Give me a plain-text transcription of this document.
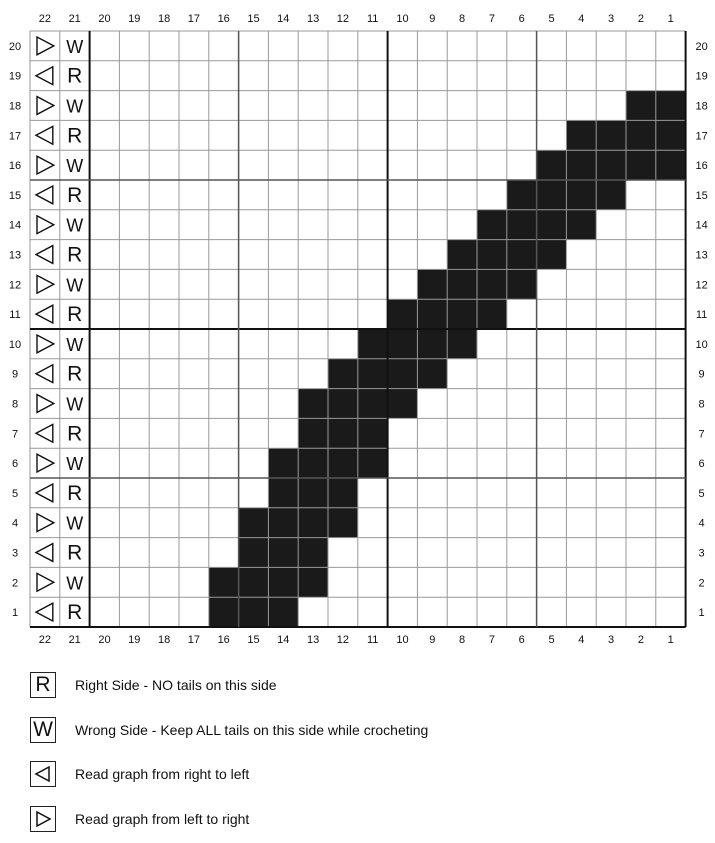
22
22
21
21
20
20
19
19
18
18
17
17
16
16
15
15
14
14
13
13
12
12
11
11
10
10
9
9
8
8
7
7
6
6
5
5
4
4
3
3
2
2
1
1
20	20
W
19	19
R
18	18
W
17	17
R
16	16
W
15	15
R
14	14
W
13	13
R
12	12
W
11	11
R
10	10
W
9	9
R
8	8
W
7	7
R
6	6
W
5	5
R
4	4
W
3	3
R
2	2
W
1	1
R
R	Right Side - NO tails on this side
W Wrong Side - Keep ALL tails on this side while crocheting
Read graph from right to left
Read graph from left to right
